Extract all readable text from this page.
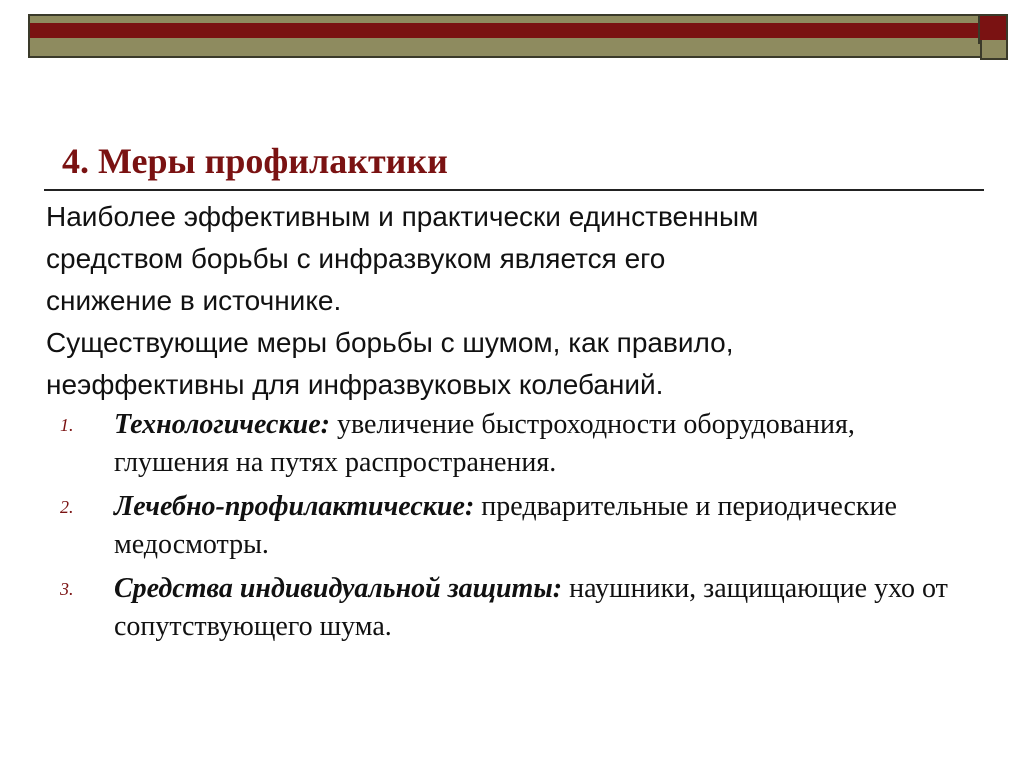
4. Меры профилактики

Наиболее эффективным и практически единственным

средством борьбы с инфразвуком является его

снижение в источнике.

Существующие меры борьбы с шумом, как правило,

неэффективны для инфразвуковых колебаний.

1. Технологические: увеличение быстроходности оборудования, глушения на путях распространения.
2. Лечебно-профилактические: предварительные и периодические медосмотры.
3. Средства индивидуальной защиты: наушники, защищающие ухо от сопутствующего шума.
